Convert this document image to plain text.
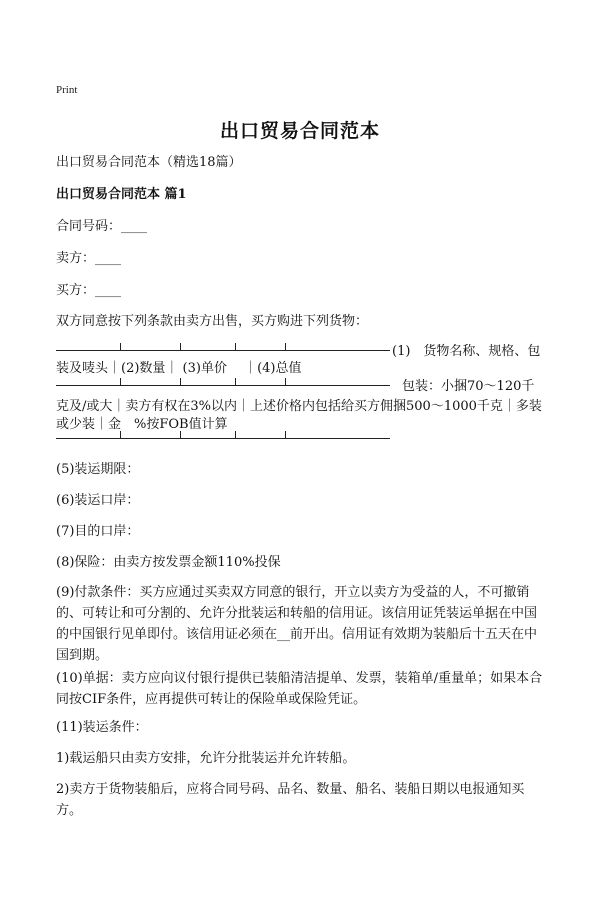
Print
出口贸易合同范本
出口贸易合同范本（精选18篇）
出口贸易合同范本 篇1
合同号码：____
卖方：____
买方：____
双方同意按下列条款由卖方出售，买方购进下列货物：
(1)　货物名称、规格、包
装及唛头｜(2)数量｜ (3)单价　 ｜(4)总值
包装：小捆70～120千
克及/或大｜卖方有权在3%以内｜上述价格内包括给买方佣捆500～1000千克｜多装
或少装｜金　%按FOB值计算
(5)装运期限：
(6)装运口岸：
(7)目的口岸：
(8)保险：由卖方按发票金额110%投保
(9)付款条件：买方应通过买卖双方同意的银行，开立以卖方为受益的人，不可撤销的、可转让和可分割的、允许分批装运和转船的信用证。该信用证凭装运单据在中国的中国银行见单即付。该信用证必须在__前开出。信用证有效期为装船后十五天在中国到期。
(10)单据：卖方应向议付银行提供已装船清洁提单、发票，装箱单/重量单；如果本合同按CIF条件，应再提供可转让的保险单或保险凭证。
(11)装运条件：
1)载运船只由卖方安排，允许分批装运并允许转船。
2)卖方于货物装船后，应将合同号码、品名、数量、船名、装船日期以电报通知买方。
